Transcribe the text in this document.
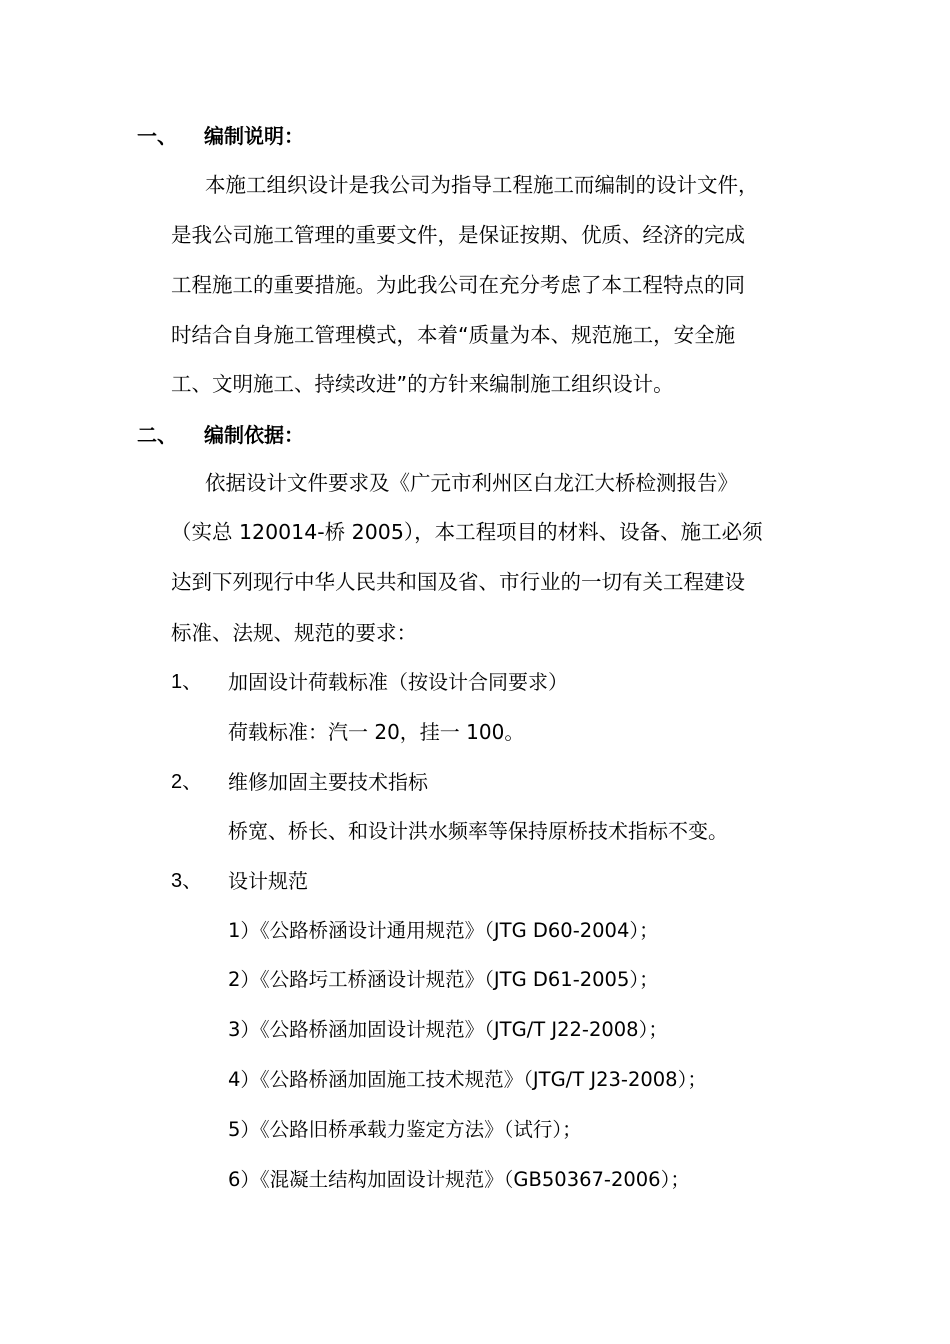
一、 编制说明：
本施工组织设计是我公司为指导工程施工而编制的设计文件，
是我公司施工管理的重要文件，是保证按期、优质、经济的完成
工程施工的重要措施。为此我公司在充分考虑了本工程特点的同
时结合自身施工管理模式，本着“质量为本、规范施工，安全施
工、文明施工、持续改进”的方针来编制施工组织设计。
二、 编制依据：
依据设计文件要求及《广元市利州区白龙江大桥检测报告》
（实总 120014-桥 2005），本工程项目的材料、设备、施工必须
达到下列现行中华人民共和国及省、市行业的一切有关工程建设
标准、法规、规范的要求：
1、 加固设计荷载标准（按设计合同要求）
荷载标准：汽一 20，挂一 100。
2、 维修加固主要技术指标
桥宽、桥长、和设计洪水频率等保持原桥技术指标不变。
3、 设计规范
1）《公路桥涵设计通用规范》（JTG D60-2004）；
2）《公路圬工桥涵设计规范》（JTG D61-2005）；
3）《公路桥涵加固设计规范》（JTG/T J22-2008）；
4）《公路桥涵加固施工技术规范》（JTG/T J23-2008）；
5）《公路旧桥承载力鉴定方法》（试行）；
6）《混凝土结构加固设计规范》（GB50367-2006）；
